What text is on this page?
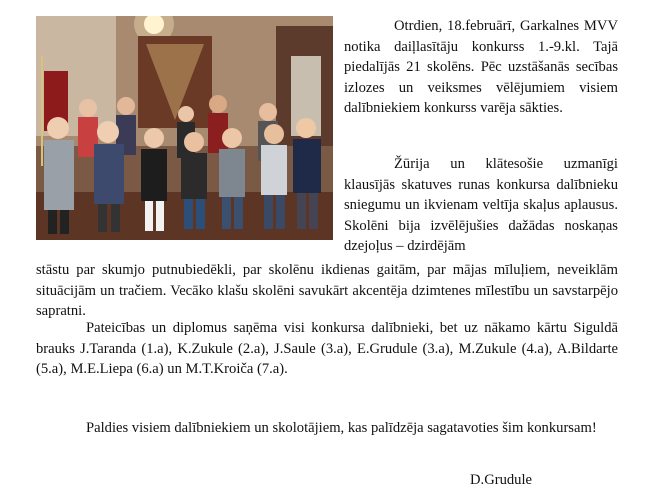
Otrdien, 18.februārī, Garkalnes MVV notika daiļlasītāju konkurss 1.-9.kl. Tajā piedalījās 21 skolēns. Pēc uzstāšanās secības izlozes un veiksmes vēlējumiem visiem dalībniekiem konkurss varēja sākties.

Žūrija un klātesošie uzmanīgi klausījās skatuves runas konkursa dalībnieku sniegumu un ikvienam veltīja skaļus aplausus. Skolēni bija izvēlējušies dažādas noskaņas dzejoļus – dzirdējām

stāstu par skumjo putnubiedēkli, par skolēnu ikdienas gaitām, par mājas mīluļiem, neveiklām situācijām un tračiem. Vecāko klašu skolēni savukārt akcentēja dzimtenes mīlestību un savstarpējo sapratni.

Pateicības un diplomus saņēma visi konkursa dalībnieki, bet uz nākamo kārtu Siguldā brauks J.Taranda (1.a), K.Zukule (2.a), J.Saule (3.a), E.Grudule (3.a), M.Zukule (4.a), A.Bildarte (5.a), M.E.Liepa (6.a) un M.T.Kroiča (7.a).

Paldies visiem dalībniekiem un skolotājiem, kas palīdzēja sagatavoties šim konkursam!

D.Grudule
